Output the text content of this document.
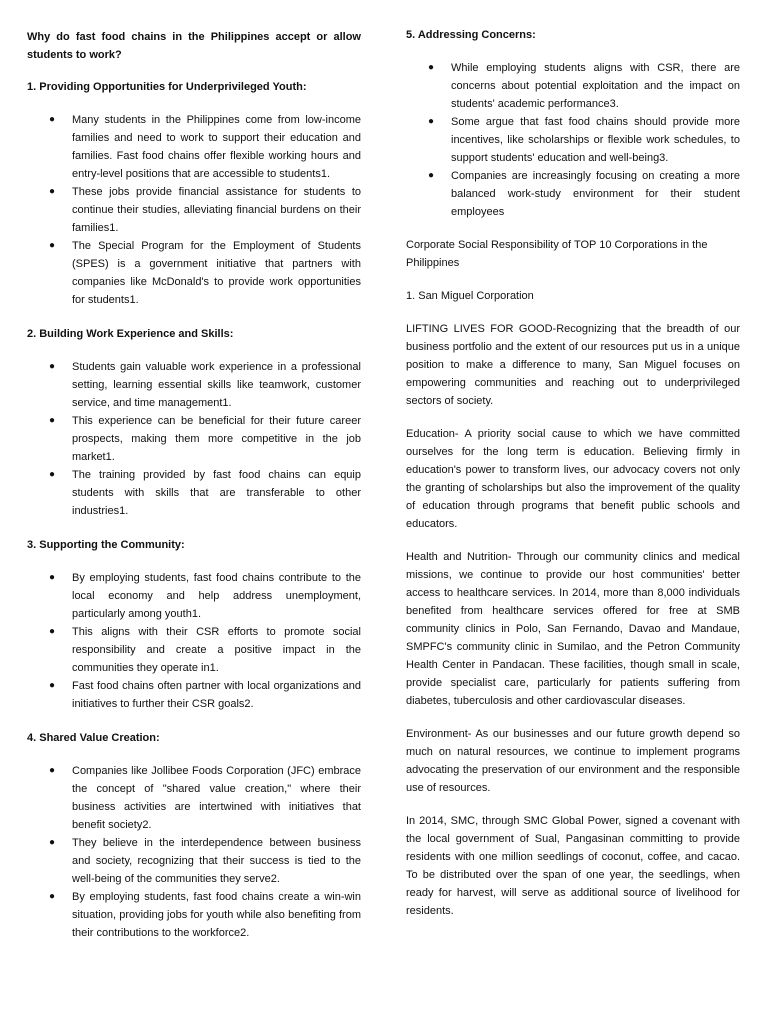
Why do fast food chains in the Philippines accept or allow students to work?

1. Providing Opportunities for Underprivileged Youth:

● Many students in the Philippines come from low-income families and need to work to support their education and families. Fast food chains offer flexible working hours and entry-level positions that are accessible to students1.
● These jobs provide financial assistance for students to continue their studies, alleviating financial burdens on their families1.
● The Special Program for the Employment of Students (SPES) is a government initiative that partners with companies like McDonald's to provide work opportunities for students1.

2. Building Work Experience and Skills:

● Students gain valuable work experience in a professional setting, learning essential skills like teamwork, customer service, and time management1.
● This experience can be beneficial for their future career prospects, making them more competitive in the job market1.
● The training provided by fast food chains can equip students with skills that are transferable to other industries1.

3. Supporting the Community:

● By employing students, fast food chains contribute to the local economy and help address unemployment, particularly among youth1.
● This aligns with their CSR efforts to promote social responsibility and create a positive impact in the communities they operate in1.
● Fast food chains often partner with local organizations and initiatives to further their CSR goals2.

4. Shared Value Creation:

● Companies like Jollibee Foods Corporation (JFC) embrace the concept of "shared value creation," where their business activities are intertwined with initiatives that benefit society2.
● They believe in the interdependence between business and society, recognizing that their success is tied to the well-being of the communities they serve2.
● By employing students, fast food chains create a win-win situation, providing jobs for youth while also benefiting from their contributions to the workforce2.

5. Addressing Concerns:

● While employing students aligns with CSR, there are concerns about potential exploitation and the impact on students' academic performance3.
● Some argue that fast food chains should provide more incentives, like scholarships or flexible work schedules, to support students' education and well-being3.
● Companies are increasingly focusing on creating a more balanced work-study environment for their student employees

Corporate Social Responsibility of TOP 10 Corporations in the Philippines

1. San Miguel Corporation

LIFTING LIVES FOR GOOD-Recognizing that the breadth of our business portfolio and the extent of our resources put us in a unique position to make a difference to many, San Miguel focuses on empowering communities and reaching out to underprivileged sectors of society.

Education- A priority social cause to which we have committed ourselves for the long term is education. Believing firmly in education's power to transform lives, our advocacy covers not only the granting of scholarships but also the improvement of the quality of education through programs that benefit public schools and educators.

Health and Nutrition- Through our community clinics and medical missions, we continue to provide our host communities' better access to healthcare services. In 2014, more than 8,000 individuals benefited from healthcare services offered for free at SMB community clinics in Polo, San Fernando, Davao and Mandaue, SMPFC's community clinic in Sumilao, and the Petron Community Health Center in Pandacan. These facilities, though small in scale, provide specialist care, particularly for patients suffering from diabetes, tuberculosis and other cardiovascular diseases.

Environment- As our businesses and our future growth depend so much on natural resources, we continue to implement programs advocating the preservation of our environment and the responsible use of resources.

In 2014, SMC, through SMC Global Power, signed a covenant with the local government of Sual, Pangasinan committing to provide residents with one million seedlings of coconut, coffee, and cacao. To be distributed over the span of one year, the seedlings, when ready for harvest, will serve as additional source of livelihood for residents.
